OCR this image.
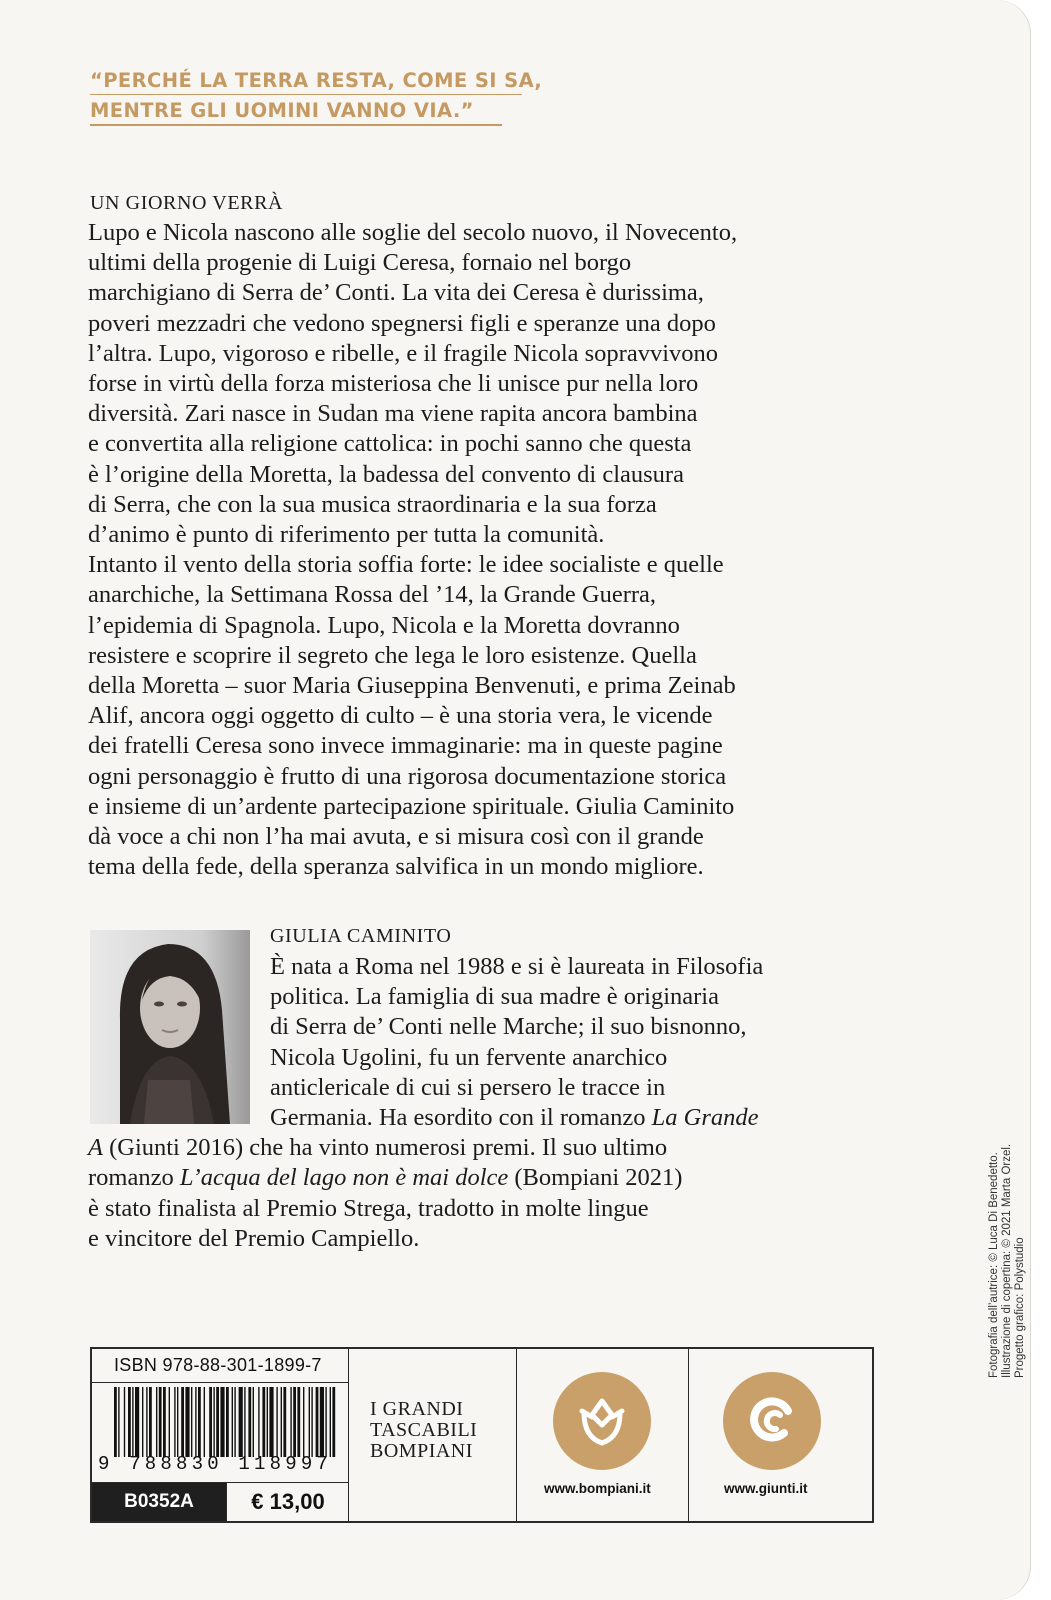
“PERCHÉ LA TERRA RESTA, COME SI SA,
MENTRE GLI UOMINI VANNO VIA.”
UN GIORNO VERRÀ
Lupo e Nicola nascono alle soglie del secolo nuovo, il Novecento,
ultimi della progenie di Luigi Ceresa, fornaio nel borgo
marchigiano di Serra de’ Conti. La vita dei Ceresa è durissima,
poveri mezzadri che vedono spegnersi figli e speranze una dopo
l’altra. Lupo, vigoroso e ribelle, e il fragile Nicola sopravvivono
forse in virtù della forza misteriosa che li unisce pur nella loro
diversità. Zari nasce in Sudan ma viene rapita ancora bambina
e convertita alla religione cattolica: in pochi sanno che questa
è l’origine della Moretta, la badessa del convento di clausura
di Serra, che con la sua musica straordinaria e la sua forza
d’animo è punto di riferimento per tutta la comunità.
Intanto il vento della storia soffia forte: le idee socialiste e quelle
anarchiche, la Settimana Rossa del ’14, la Grande Guerra,
l’epidemia di Spagnola. Lupo, Nicola e la Moretta dovranno
resistere e scoprire il segreto che lega le loro esistenze. Quella
della Moretta – suor Maria Giuseppina Benvenuti, e prima Zeinab
Alif, ancora oggi oggetto di culto – è una storia vera, le vicende
dei fratelli Ceresa sono invece immaginarie: ma in queste pagine
ogni personaggio è frutto di una rigorosa documentazione storica
e insieme di un’ardente partecipazione spirituale. Giulia Caminito
dà voce a chi non l’ha mai avuta, e si misura così con il grande
tema della fede, della speranza salvifica in un mondo migliore.
GIULIA CAMINITO
È nata a Roma nel 1988 e si è laureata in Filosofia
politica. La famiglia di sua madre è originaria
di Serra de’ Conti nelle Marche; il suo bisnonno,
Nicola Ugolini, fu un fervente anarchico
anticlericale di cui si persero le tracce in
Germania. Ha esordito con il romanzo La Grande
A (Giunti 2016) che ha vinto numerosi premi. Il suo ultimo
romanzo L’acqua del lago non è mai dolce (Bompiani 2021)
è stato finalista al Premio Strega, tradotto in molte lingue
e vincitore del Premio Campiello.	Fotografia dell’autrice: © Luca Di Benedetto. Illustrazione di copertina: © 2021 Marta Orzel. Progetto grafico: Polystudio
ISBN 978-88-301-1899-7
9 788830 118997
B0352A	€ 13,00
I GRANDI
TASCABILI
BOMPIANI
www.bompiani.it	www.giunti.it
